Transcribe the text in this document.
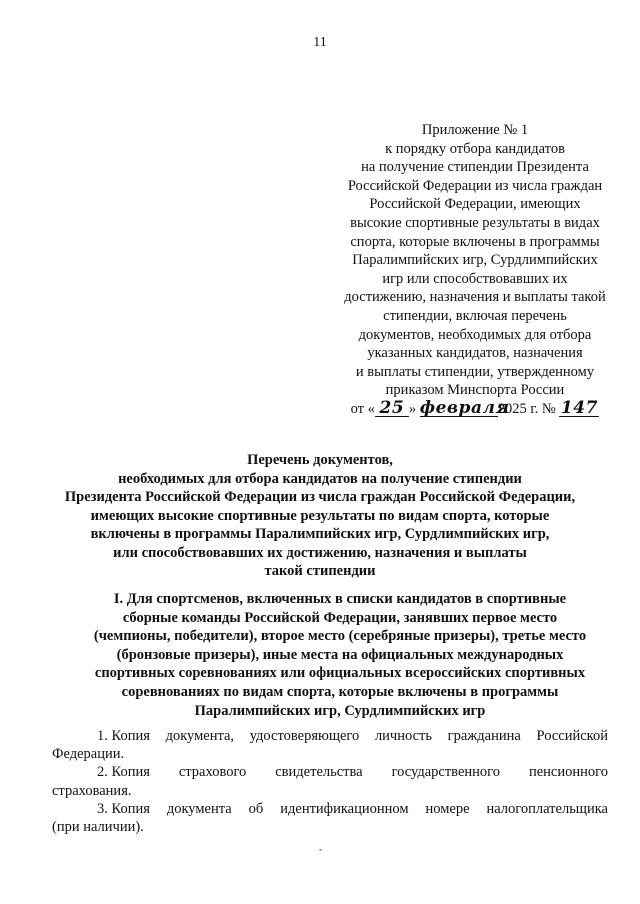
11
Приложение № 1
к порядку отбора кандидатов
на получение стипендии Президента
Российской Федерации из числа граждан
Российской Федерации, имеющих
высокие спортивные результаты в видах
спорта, которые включены в программы
Паралимпийских игр, Сурдлимпийских
игр или способствовавших их
достижению, назначения и выплаты такой
стипендии, включая перечень
документов, необходимых для отбора
указанных кандидатов, назначения
и выплаты стипендии, утвержденному
приказом Минспорта России
от « 25 » февраля2025 г. № 147
Перечень документов,
необходимых для отбора кандидатов на получение стипендии
Президента Российской Федерации из числа граждан Российской Федерации,
имеющих высокие спортивные результаты по видам спорта, которые
включены в программы Паралимпийских игр, Сурдлимпийских игр,
или способствовавших их достижению, назначения и выплаты
такой стипендии
I. Для спортсменов, включенных в списки кандидатов в спортивные
сборные команды Российской Федерации, занявших первое место
(чемпионы, победители), второе место (серебряные призеры), третье место
(бронзовые призеры), иные места на официальных международных
спортивных соревнованиях или официальных всероссийских спортивных
соревнованиях по видам спорта, которые включены в программы
Паралимпийских игр, Сурдлимпийских игр
1. Копия документа, удостоверяющего личность гражданина Российской
Федерации.
2. Копия страхового свидетельства государственного пенсионного
страхования.
3. Копия документа об идентификационном номере налогоплательщика
(при наличии).
ˏ
